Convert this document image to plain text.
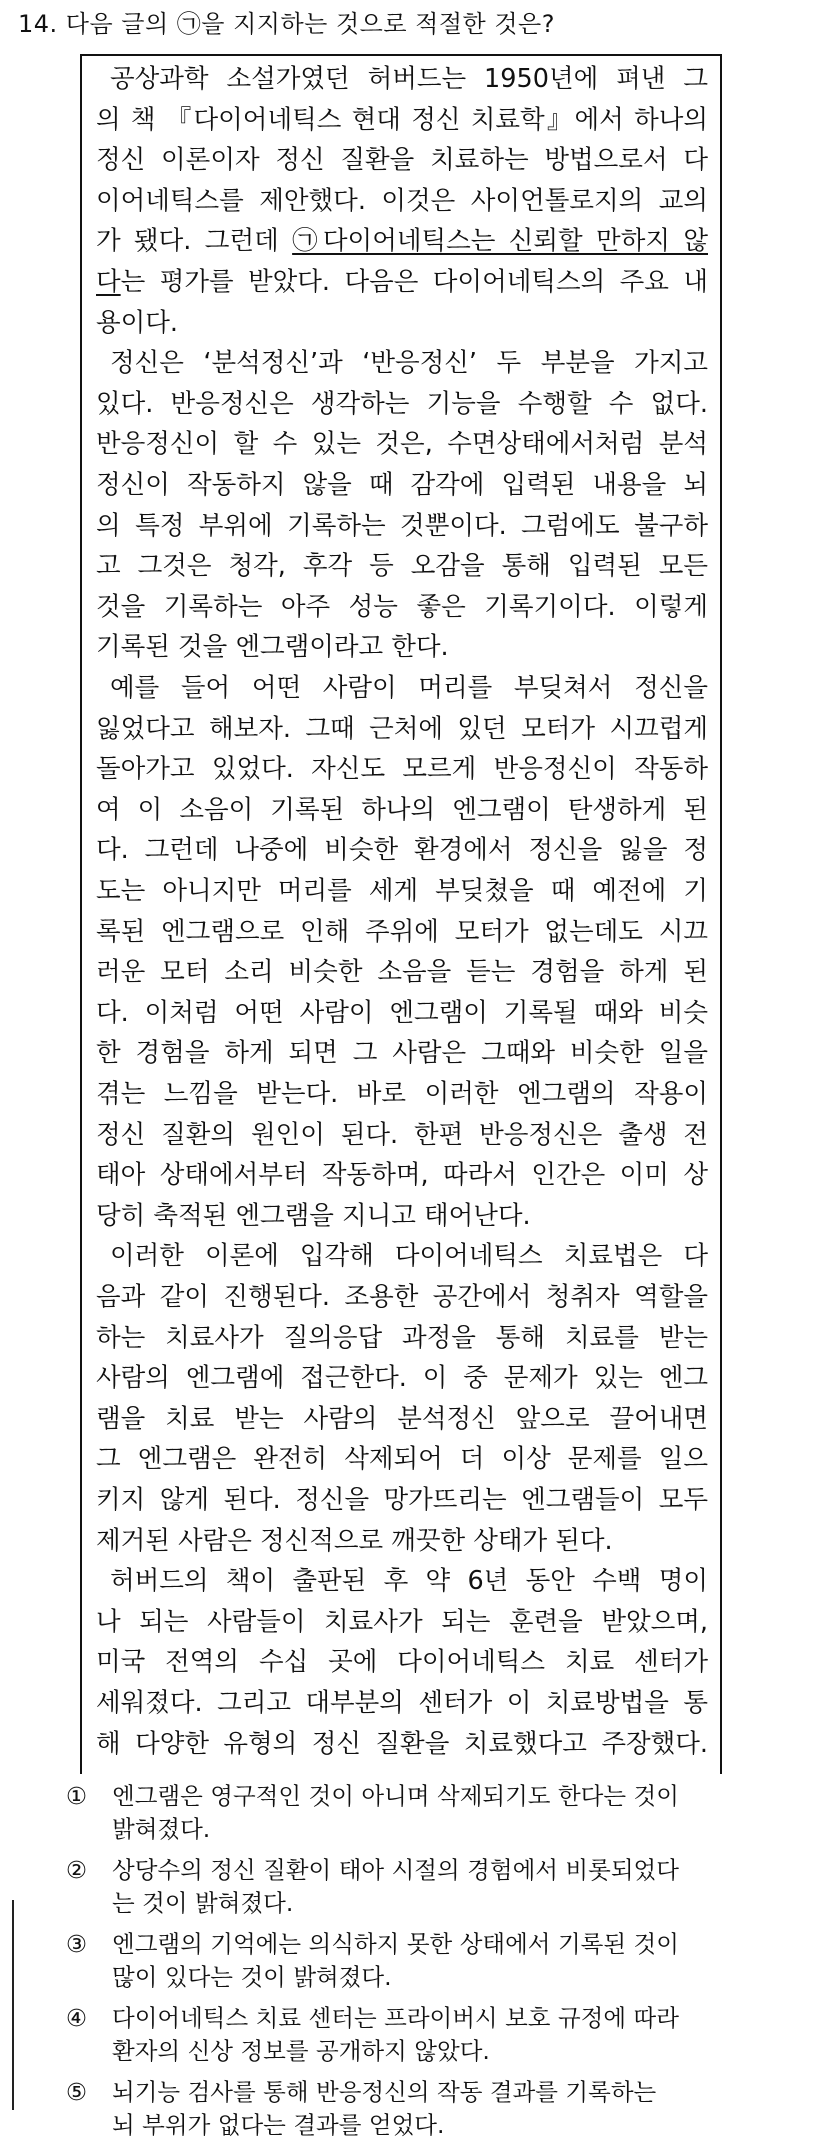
14. 다음 글의 ㉠을 지지하는 것으로 적절한 것은?
공상과학 소설가였던 허버드는 1950년에 펴낸 그
의 책 『다이어네틱스 현대 정신 치료학』에서 하나의
정신 이론이자 정신 질환을 치료하는 방법으로서 다
이어네틱스를 제안했다. 이것은 사이언톨로지의 교의
가 됐다. 그런데 ㉠다이어네틱스는 신뢰할 만하지 않
다는 평가를 받았다. 다음은 다이어네틱스의 주요 내
용이다.
정신은 ‘분석정신’과 ‘반응정신’ 두 부분을 가지고
있다. 반응정신은 생각하는 기능을 수행할 수 없다.
반응정신이 할 수 있는 것은, 수면상태에서처럼 분석
정신이 작동하지 않을 때 감각에 입력된 내용을 뇌
의 특정 부위에 기록하는 것뿐이다. 그럼에도 불구하
고 그것은 청각, 후각 등 오감을 통해 입력된 모든
것을 기록하는 아주 성능 좋은 기록기이다. 이렇게
기록된 것을 엔그램이라고 한다.
예를 들어 어떤 사람이 머리를 부딪쳐서 정신을
잃었다고 해보자. 그때 근처에 있던 모터가 시끄럽게
돌아가고 있었다. 자신도 모르게 반응정신이 작동하
여 이 소음이 기록된 하나의 엔그램이 탄생하게 된
다. 그런데 나중에 비슷한 환경에서 정신을 잃을 정
도는 아니지만 머리를 세게 부딪쳤을 때 예전에 기
록된 엔그램으로 인해 주위에 모터가 없는데도 시끄
러운 모터 소리 비슷한 소음을 듣는 경험을 하게 된
다. 이처럼 어떤 사람이 엔그램이 기록될 때와 비슷
한 경험을 하게 되면 그 사람은 그때와 비슷한 일을
겪는 느낌을 받는다. 바로 이러한 엔그램의 작용이
정신 질환의 원인이 된다. 한편 반응정신은 출생 전
태아 상태에서부터 작동하며, 따라서 인간은 이미 상
당히 축적된 엔그램을 지니고 태어난다.
이러한 이론에 입각해 다이어네틱스 치료법은 다
음과 같이 진행된다. 조용한 공간에서 청취자 역할을
하는 치료사가 질의응답 과정을 통해 치료를 받는
사람의 엔그램에 접근한다. 이 중 문제가 있는 엔그
램을 치료 받는 사람의 분석정신 앞으로 끌어내면
그 엔그램은 완전히 삭제되어 더 이상 문제를 일으
키지 않게 된다. 정신을 망가뜨리는 엔그램들이 모두
제거된 사람은 정신적으로 깨끗한 상태가 된다.
허버드의 책이 출판된 후 약 6년 동안 수백 명이
나 되는 사람들이 치료사가 되는 훈련을 받았으며,
미국 전역의 수십 곳에 다이어네틱스 치료 센터가
세워졌다. 그리고 대부분의 센터가 이 치료방법을 통
해 다양한 유형의 정신 질환을 치료했다고 주장했다.
①	엔그램은 영구적인 것이 아니며 삭제되기도 한다는 것이
밝혀졌다.
②	상당수의 정신 질환이 태아 시절의 경험에서 비롯되었다
는 것이 밝혀졌다.
③	엔그램의 기억에는 의식하지 못한 상태에서 기록된 것이
많이 있다는 것이 밝혀졌다.
④	다이어네틱스 치료 센터는 프라이버시 보호 규정에 따라
환자의 신상 정보를 공개하지 않았다.
⑤	뇌기능 검사를 통해 반응정신의 작동 결과를 기록하는
뇌 부위가 없다는 결과를 얻었다.
